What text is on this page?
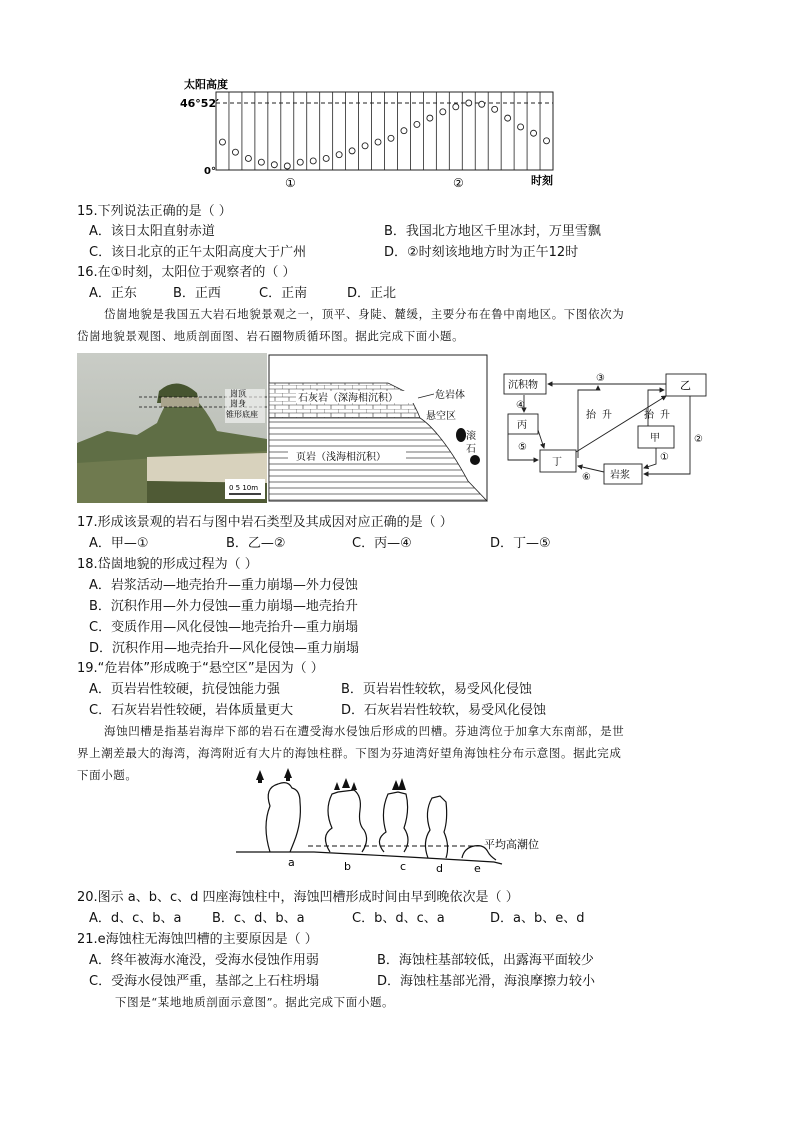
太阳高度
46°52′
0°
①	②	时刻
15.下列说法正确的是（ ）
A．该日太阳直射赤道	B．我国北方地区千里冰封，万里雪飘
C．该日北京的正午太阳高度大于广州	D．②时刻该地地方时为正午12时
16.在①时刻，太阳位于观察者的（ ）
A．正东	B．正西	C．正南	D．正北
岱崮地貌是我国五大岩石地貌景观之一，顶平、身陡、麓缓，主要分布在鲁中南地区。下图依次为
岱崮地貌景观图、地质剖面图、岩石圈物质循环图。据此完成下面小题。
崮顶
崮身
锥形底座
0 5 10m
石灰岩（深海相沉积）
页岩（浅海相沉积）
危岩体
悬空区
滚
石
沉积物	乙
丙
甲
丁
岩浆
③
④
⑤
⑥
①
②
抬 升	抬 升
17.形成该景观的岩石与图中岩石类型及其成因对应正确的是（ ）
A．甲—①	B．乙—②	C．丙—④	D．丁—⑤
18.岱崮地貌的形成过程为（ ）
A．岩浆活动—地壳抬升—重力崩塌—外力侵蚀
B．沉积作用—外力侵蚀—重力崩塌—地壳抬升
C．变质作用—风化侵蚀—地壳抬升—重力崩塌
D．沉积作用—地壳抬升—风化侵蚀—重力崩塌
19.“危岩体”形成晚于“悬空区”是因为（ ）
A．页岩岩性较硬，抗侵蚀能力强	B．页岩岩性较软，易受风化侵蚀
C．石灰岩岩性较硬，岩体质量更大	D．石灰岩岩性较软，易受风化侵蚀
海蚀凹槽是指基岩海岸下部的岩石在遭受海水侵蚀后形成的凹槽。芬迪湾位于加拿大东南部，是世
界上潮差最大的海湾，海湾附近有大片的海蚀柱群。下图为芬迪湾好望角海蚀柱分布示意图。据此完成
下面小题。
平均高潮位
a	b	c	d	e
20.图示 a、b、c、d 四座海蚀柱中，海蚀凹槽形成时间由早到晚依次是（ ）
A．d、c、b、a B．c、d、b、a	C．b、d、c、a	D．a、b、e、d
21.e海蚀柱无海蚀凹槽的主要原因是（ ）
A．终年被海水淹没，受海水侵蚀作用弱	B．海蚀柱基部较低，出露海平面较少
C．受海水侵蚀严重，基部之上石柱坍塌	D．海蚀柱基部光滑，海浪摩擦力较小
下图是“某地地质剖面示意图”。据此完成下面小题。
